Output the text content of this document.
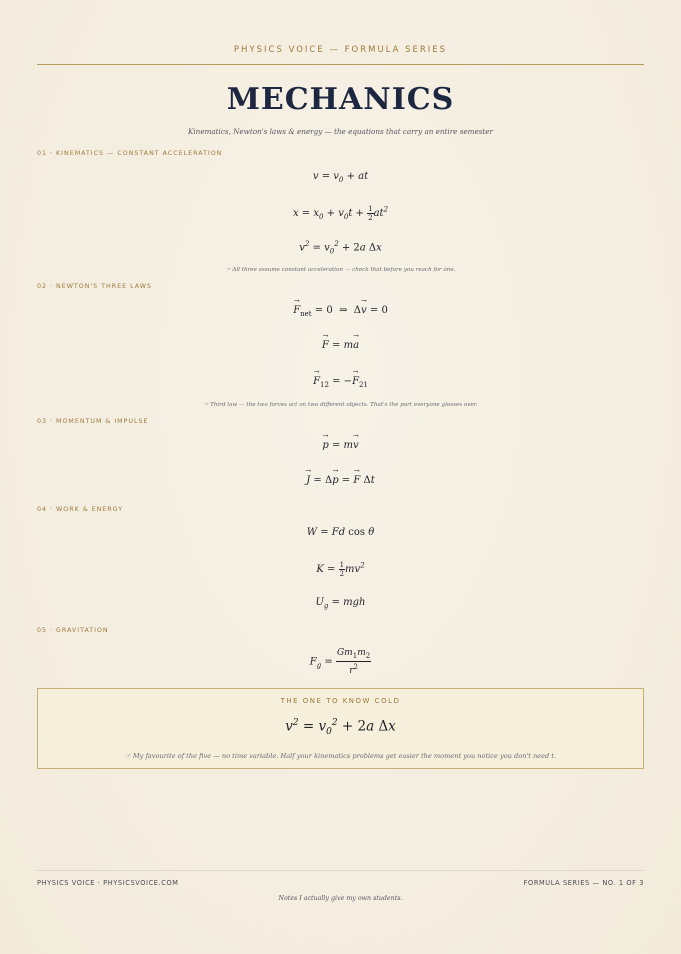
PHYSICS VOICE — FORMULA SERIES
MECHANICS
Kinematics, Newton's laws & energy — the equations that carry an entire semester
01 · KINEMATICS — CONSTANT ACCELERATION
$v = v_0$ + at
$x = x_0 + v_0t + \frac{1}{2} at^2$
$v^2 = v_0^2 + 2a$ Δx
☞ All three assume constant acceleration — check that before you reach for one.
02 · NEWTON'S THREE LAWS
→ $F_{net} = 0$  ⇒  Δ→ v = 0
→ F = m→ a
→ $F_{12}$ = −→ $F_{21}$
☞ Third law — the two forces act on two different objects. That's the part everyone glosses over.
03 · MOMENTUM & IMPULSE
→ p = m→ v
→ J = Δ→ p = → F Δt
04 · WORK & ENERGY
W = Fd cos θ
$K = \frac{1}{2} mv^2$
$U_g$ = mgh
05 · GRAVITATION
$F_g = \frac{Gm_1m_2}{r^2}$
THE ONE TO KNOW COLD
$v^2 = v_0^2 + 2a$ Δx
☞ My favourite of the five — no time variable. Half your kinematics problems get easier the moment you notice you don't need t.
PHYSICS VOICE · PHYSICSVOICE.COM	FORMULA SERIES — NO. 1 OF 3
Notes I actually give my own students.
